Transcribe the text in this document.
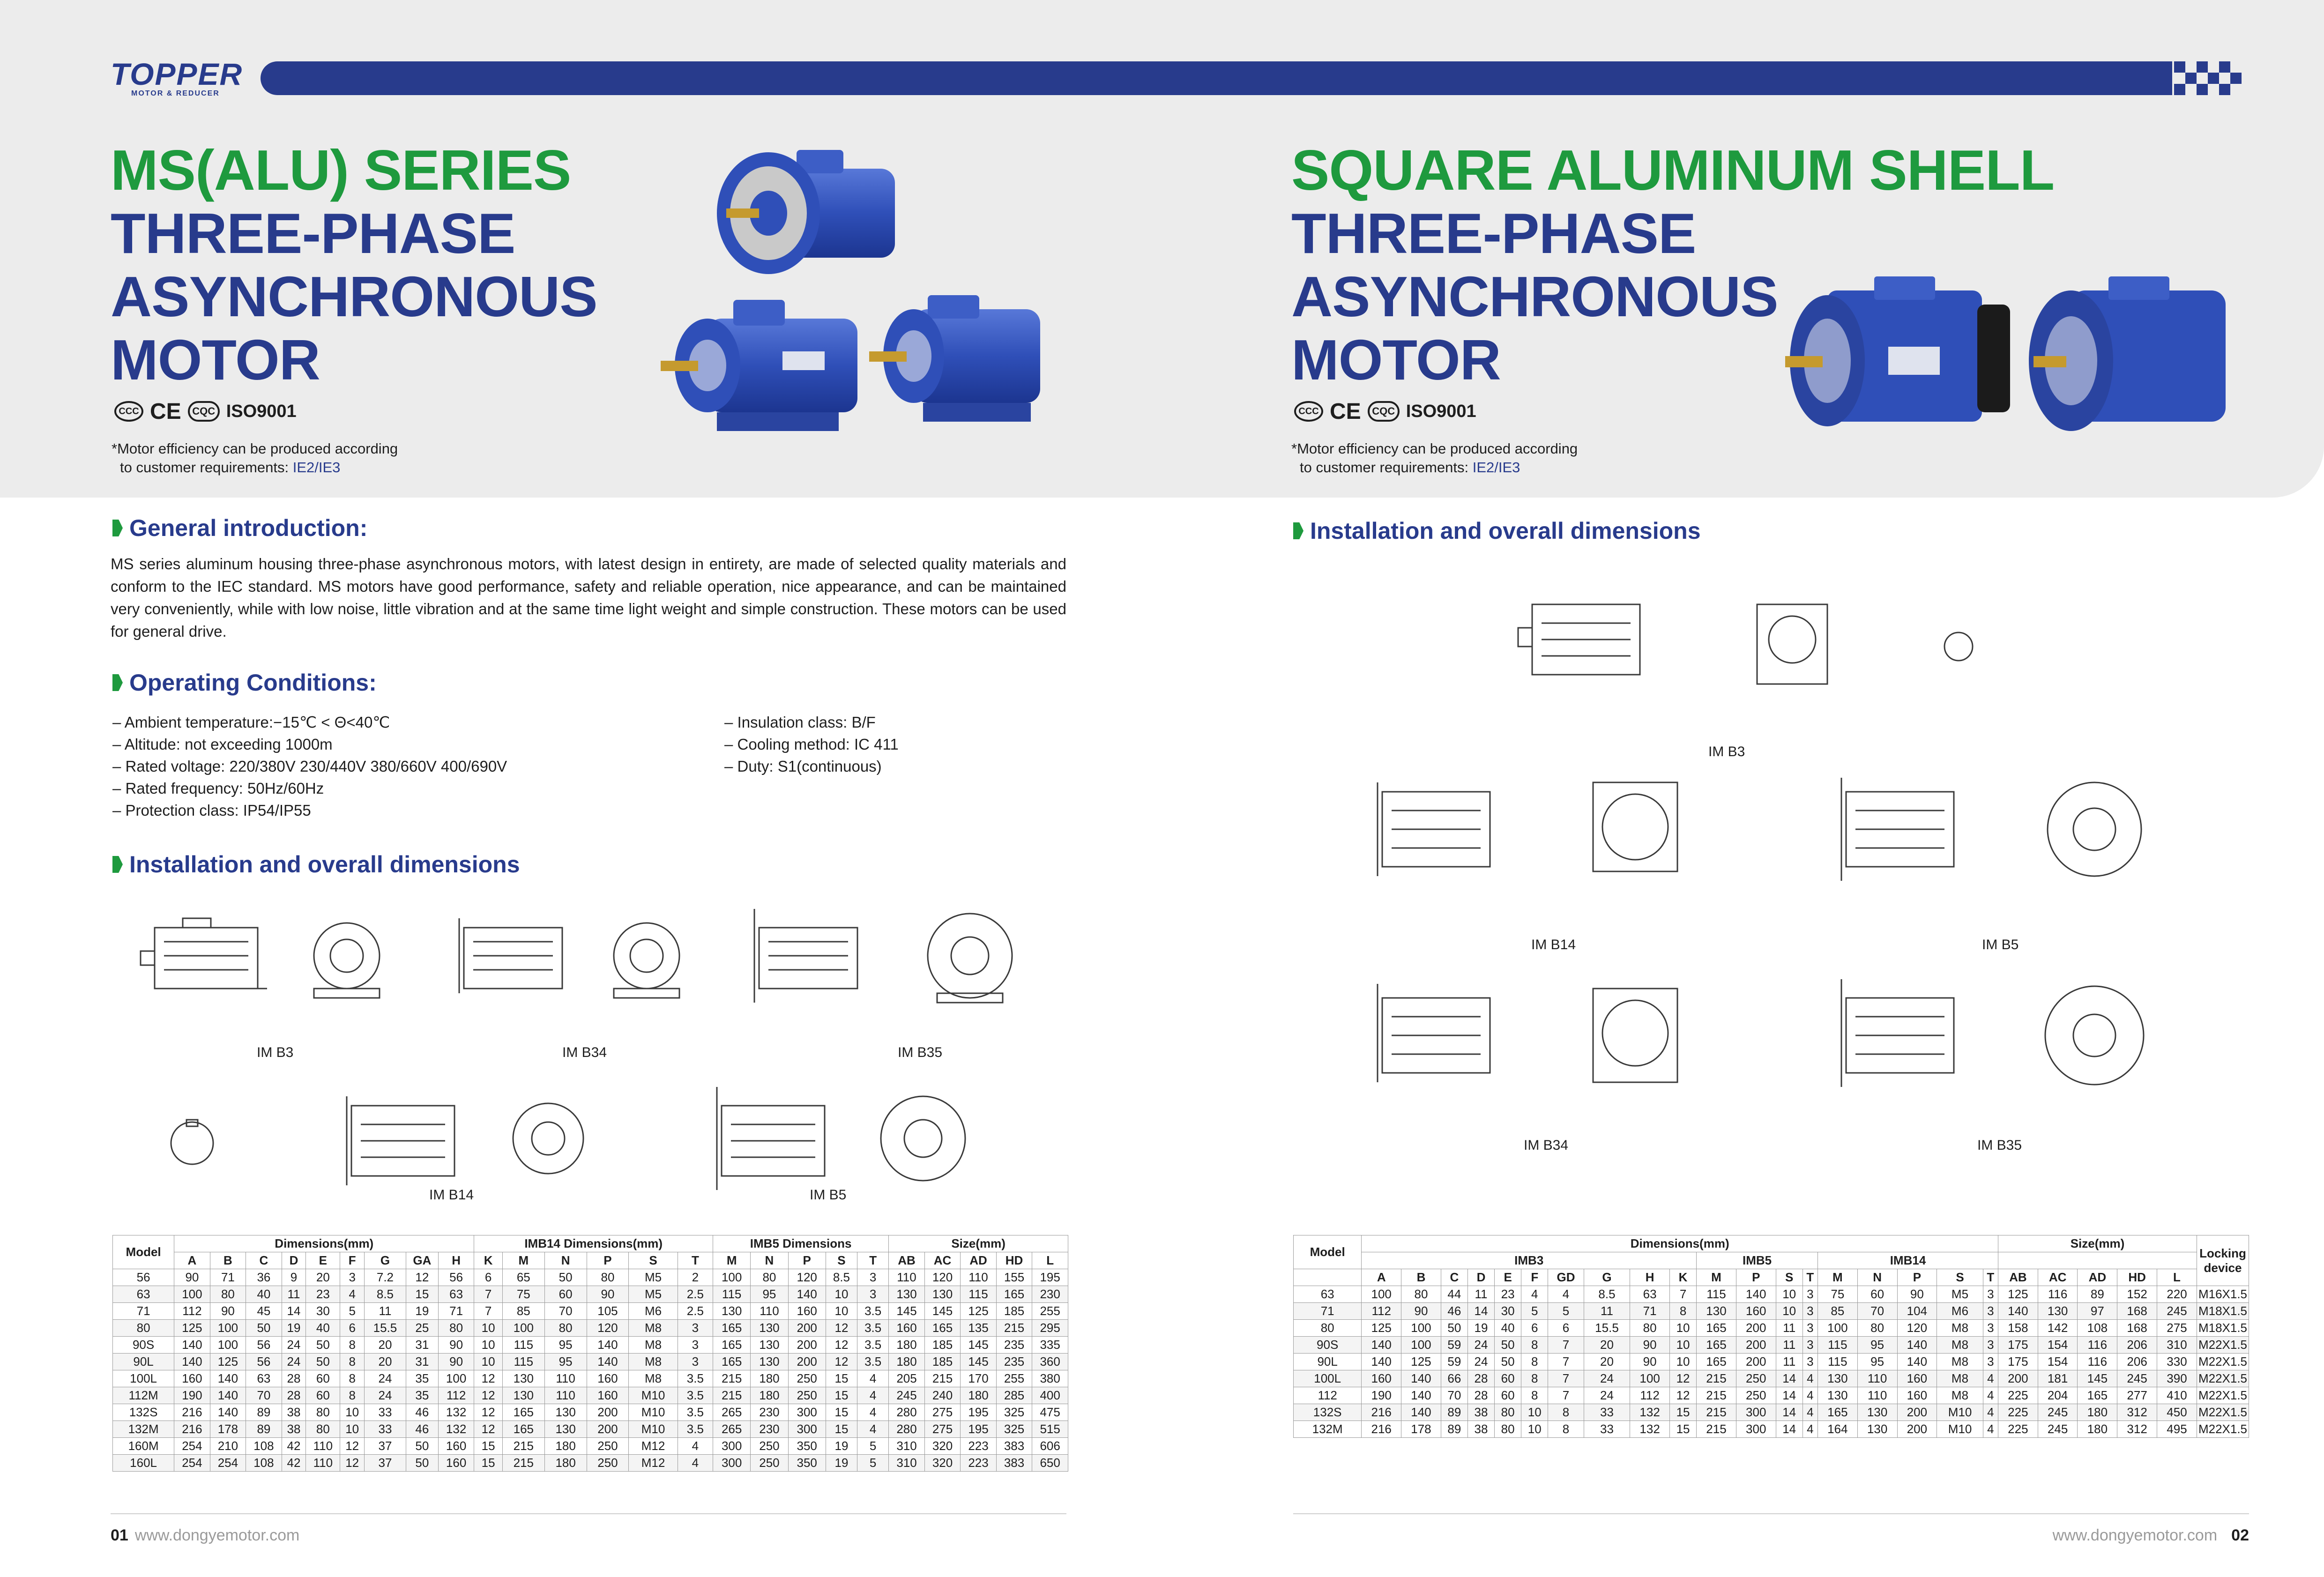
TOPPER
MOTOR & REDUCER
MS(ALU) SERIES
THREE-PHASE
ASYNCHRONOUS
MOTOR
CCC CE	CQC ISO9001
*Motor efficiency can be produced according
to customer requirements: IE2/IE3
SQUARE ALUMINUM SHELL
THREE-PHASE
ASYNCHRONOUS
MOTOR
CCC CE	CQC ISO9001
*Motor efficiency can be produced according
to customer requirements: IE2/IE3
General introduction:
MS series aluminum housing three-phase asynchronous motors, with latest design in entirety, are made of selected quality materials and conform to the IEC standard. MS motors have good performance, safety and reliable operation, nice appearance, and can be maintained very conveniently, while with low noise, little vibration and at the same time light weight and simple construction. These motors can be used for general drive.
Operating Conditions:
– Ambient temperature:−15℃ < Θ<40℃
– Altitude: not exceeding 1000m
– Rated voltage: 220/380V 230/440V 380/660V 400/690V
– Rated frequency: 50Hz/60Hz
– Protection class: IP54/IP55
– Insulation class: B/F
– Cooling method: IC 411
– Duty: S1(continuous)
Installation and overall dimensions
IM B3	IM B34	IM B35
IM B14	IM B5
Model	Dimensions(mm)									IMB14 Dimensions(mm)						IMB5 Dimensions					Size(mm)				
	A	B	C	D	E	F	G	GA	H	K	M	N	P	S	T	M	N	P	S	T	AB	AC	AD	HD	L
56	90	71	36	9	20	3	7.2	12	56	6	65	50	80	M5	2	100	80	120	8.5	3	110	120	110	155	195
63	100	80	40	11	23	4	8.5	15	63	7	75	60	90	M5	2.5	115	95	140	10	3	130	130	115	165	230
71	112	90	45	14	30	5	11	19	71	7	85	70	105	M6	2.5	130	110	160	10	3.5	145	145	125	185	255
80	125	100	50	19	40	6	15.5	25	80	10	100	80	120	M8	3	165	130	200	12	3.5	160	165	135	215	295
90S	140	100	56	24	50	8	20	31	90	10	115	95	140	M8	3	165	130	200	12	3.5	180	185	145	235	335
90L	140	125	56	24	50	8	20	31	90	10	115	95	140	M8	3	165	130	200	12	3.5	180	185	145	235	360
100L	160	140	63	28	60	8	24	35	100	12	130	110	160	M8	3.5	215	180	250	15	4	205	215	170	255	380
112M	190	140	70	28	60	8	24	35	112	12	130	110	160	M10	3.5	215	180	250	15	4	245	240	180	285	400
132S	216	140	89	38	80	10	33	46	132	12	165	130	200	M10	3.5	265	230	300	15	4	280	275	195	325	475
132M	216	178	89	38	80	10	33	46	132	12	165	130	200	M10	3.5	265	230	300	15	4	280	275	195	325	515
160M	254	210	108	42	110	12	37	50	160	15	215	180	250	M12	4	300	250	350	19	5	310	320	223	383	606
160L	254	254	108	42	110	12	37	50	160	15	215	180	250	M12	4	300	250	350	19	5	310	320	223	383	650
Installation and overall dimensions
IM B3
IM B14	IM B5
IM B34	IM B35
Model	Dimensions(mm)																			Size(mm)					Locking device
	IMB3										IMB5				IMB14										
	A	B	C	D	E	F	GD	G	H	K	M	P	S	T	M	N	P	S	T	AB	AC	AD	HD	L	
63	100	80	44	11	23	4	4	8.5	63	7	115	140	10	3	75	60	90	M5	3	125	116	89	152	220	M16X1.5
71	112	90	46	14	30	5	5	11	71	8	130	160	10	3	85	70	104	M6	3	140	130	97	168	245	M18X1.5
80	125	100	50	19	40	6	6	15.5	80	10	165	200	11	3	100	80	120	M8	3	158	142	108	168	275	M18X1.5
90S	140	100	59	24	50	8	7	20	90	10	165	200	11	3	115	95	140	M8	3	175	154	116	206	310	M22X1.5
90L	140	125	59	24	50	8	7	20	90	10	165	200	11	3	115	95	140	M8	3	175	154	116	206	330	M22X1.5
100L	160	140	66	28	60	8	7	24	100	12	215	250	14	4	130	110	160	M8	4	200	181	145	245	390	M22X1.5
112	190	140	70	28	60	8	7	24	112	12	215	250	14	4	130	110	160	M8	4	225	204	165	277	410	M22X1.5
132S	216	140	89	38	80	10	8	33	132	15	215	300	14	4	165	130	200	M10	4	225	245	180	312	450	M22X1.5
132M	216	178	89	38	80	10	8	33	132	15	215	300	14	4	164	130	200	M10	4	225	245	180	312	495	M22X1.5
01 www.dongyemotor.com	www.dongyemotor.com 02
